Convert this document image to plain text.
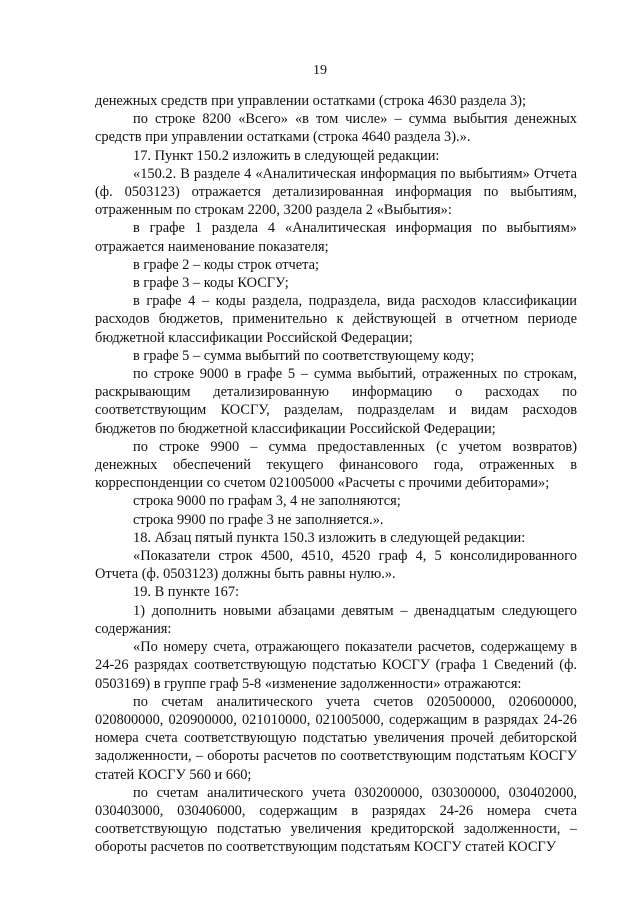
19

денежных средств при управлении остатками (строка 4630 раздела 3);

по строке 8200 «Всего» «в том числе» – сумма выбытия денежных средств при управлении остатками (строка 4640 раздела 3).».

17. Пункт 150.2 изложить в следующей редакции:

«150.2. В разделе 4 «Аналитическая информация по выбытиям» Отчета (ф. 0503123) отражается детализированная информация по выбытиям, отраженным по строкам 2200, 3200 раздела 2 «Выбытия»:

в графе 1 раздела 4 «Аналитическая информация по выбытиям» отражается наименование показателя;

в графе 2 – коды строк отчета;

в графе 3 – коды КОСГУ;

в графе 4 – коды раздела, подраздела, вида расходов классификации расходов бюджетов, применительно к действующей в отчетном периоде бюджетной классификации Российской Федерации;

в графе 5 – сумма выбытий по соответствующему коду;

по строке 9000 в графе 5 – сумма выбытий, отраженных по строкам, раскрывающим детализированную информацию о расходах по соответствующим КОСГУ, разделам, подразделам и видам расходов бюджетов по бюджетной классификации Российской Федерации;

по строке 9900 – сумма предоставленных (с учетом возвратов) денежных обеспечений текущего финансового года, отраженных в корреспонденции со счетом 021005000 «Расчеты с прочими дебиторами»;

строка 9000 по графам 3, 4 не заполняются;

строка 9900 по графе 3 не заполняется.».

18. Абзац пятый пункта 150.3 изложить в следующей редакции:

«Показатели строк 4500, 4510, 4520 граф 4, 5 консолидированного Отчета (ф. 0503123) должны быть равны нулю.».

19. В пункте 167:

1) дополнить новыми абзацами девятым – двенадцатым следующего содержания:

«По номеру счета, отражающего показатели расчетов, содержащему в 24-26 разрядах соответствующую подстатью КОСГУ (графа 1 Сведений (ф. 0503169) в группе граф 5-8 «изменение задолженности» отражаются:

по счетам аналитического учета счетов 020500000, 020600000, 020800000, 020900000, 021010000, 021005000, содержащим в разрядах 24-26 номера счета соответствующую подстатью увеличения прочей дебиторской задолженности, – обороты расчетов по соответствующим подстатьям КОСГУ статей КОСГУ 560 и 660;

по счетам аналитического учета 030200000, 030300000, 030402000, 030403000, 030406000, содержащим в разрядах 24-26 номера счета соответствующую подстатью увеличения кредиторской задолженности, – обороты расчетов по соответствующим подстатьям КОСГУ статей КОСГУ
